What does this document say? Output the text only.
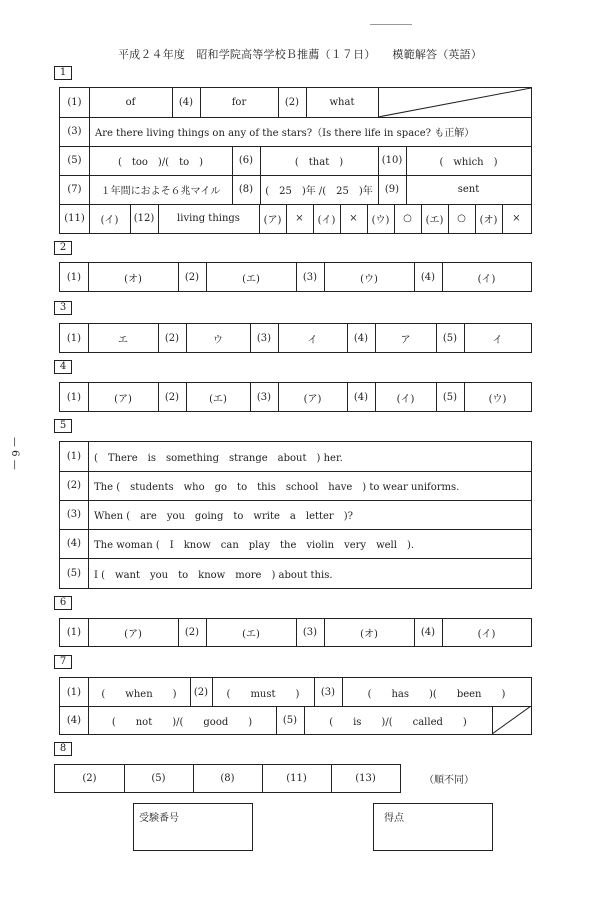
平成２４年度　昭和学院高等学校Ｂ推薦（１７日）　　模範解答（英語）
— 6 —
1
(1)	of	(4)	for	(2)	what
(3)	Are there living things on any of the stars?（Is there life in space? も正解）
(5)	(　too　)/(　to　)	(6)	(　that　)	(10)	(　which　)
(7)	１年間におよそ６兆マイル	(8)	(　25　)年 /(　25　)年	(9)	sent
(11)	(イ)	(12)	living things	(ア)	×	(イ)	×	(ウ)	○	(エ)	○	(オ)	×
2
(1)	(オ)	(2)	(エ)	(3)	(ウ)	(4)	(イ)
3
(1)	エ	(2)	ウ	(3)	イ	(4)	ア	(5)	イ
4
(1)	(ア)	(2)	(エ)	(3)	(ア)	(4)	(イ)	(5)	(ウ)
5
(1)	(　There　is　something　strange　about　) her.
(2)	The (　students　who　go　to　this　school　have　) to wear uniforms.
(3)	When (　are　you　going　to　write　a　letter　)?
(4)	The woman (　I　know　can　play　the　violin　very　well　).
(5)	I (　want　you　to　know　more　) about this.
6
(1)	(ア)	(2)	(エ)	(3)	(オ)	(4)	(イ)
7
(1)	(　　when　　)	(2)	(　　must　　)	(3)	(　　has　　)(　　been　　)
(4)	(　　not　　)/(　　good　　)	(5)	(　　is　　)/(　　called　　)
8
(2)	(5)	(8)	(11)	(13)	（順不同）
受験番号	得点
